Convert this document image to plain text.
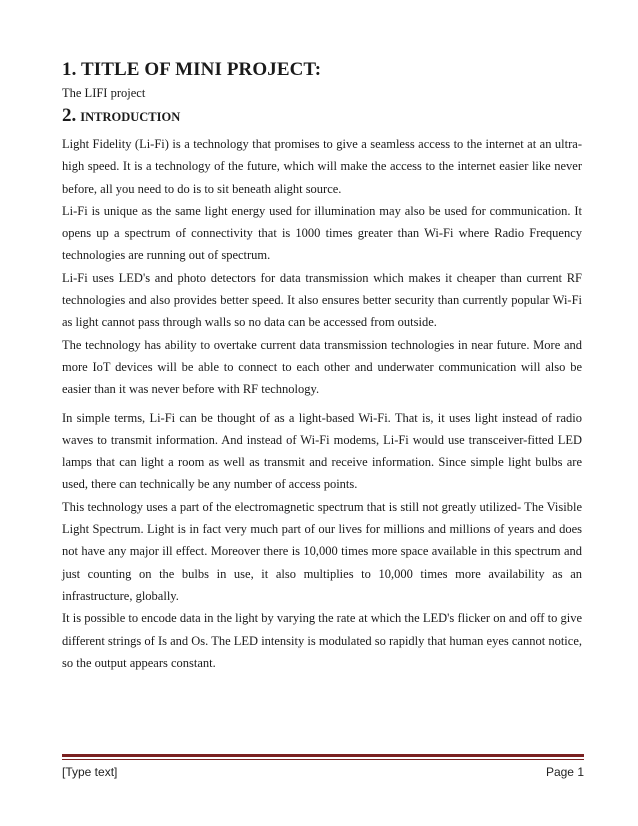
1. TITLE OF MINI PROJECT:
The LIFI project
2. INTRODUCTION

Light Fidelity (Li-Fi) is a technology that promises to give a seamless access to the internet at an ultra-high speed. It is a technology of the future, which will make the access to the internet easier like never before, all you need to do is to sit beneath alight source.

Li-Fi is unique as the same light energy used for illumination may also be used for communication. It opens up a spectrum of connectivity that is 1000 times greater than Wi-Fi where Radio Frequency technologies are running out of spectrum.

Li-Fi uses LED's and photo detectors for data transmission which makes it cheaper than current RF technologies and also provides better speed. It also ensures better security than currently popular Wi-Fi as light cannot pass through walls so no data can be accessed from outside.

The technology has ability to overtake current data transmission technologies in near future. More and more IoT devices will be able to connect to each other and underwater communication will also be easier than it was never before with RF technology.

In simple terms, Li-Fi can be thought of as a light-based Wi-Fi. That is, it uses light instead of radio waves to transmit information. And instead of Wi-Fi modems, Li-Fi would use transceiver-fitted LED lamps that can light a room as well as transmit and receive information. Since simple light bulbs are used, there can technically be any number of access points.

This technology uses a part of the electromagnetic spectrum that is still not greatly utilized- The Visible Light Spectrum. Light is in fact very much part of our lives for millions and millions of years and does not have any major ill effect. Moreover there is 10,000 times more space available in this spectrum and just counting on the bulbs in use, it also multiplies to 10,000 times more availability as an infrastructure, globally.

It is possible to encode data in the light by varying the rate at which the LED's flicker on and off to give different strings of Is and Os. The LED intensity is modulated so rapidly that human eyes cannot notice, so the output appears constant.

[Type text]	Page 1
